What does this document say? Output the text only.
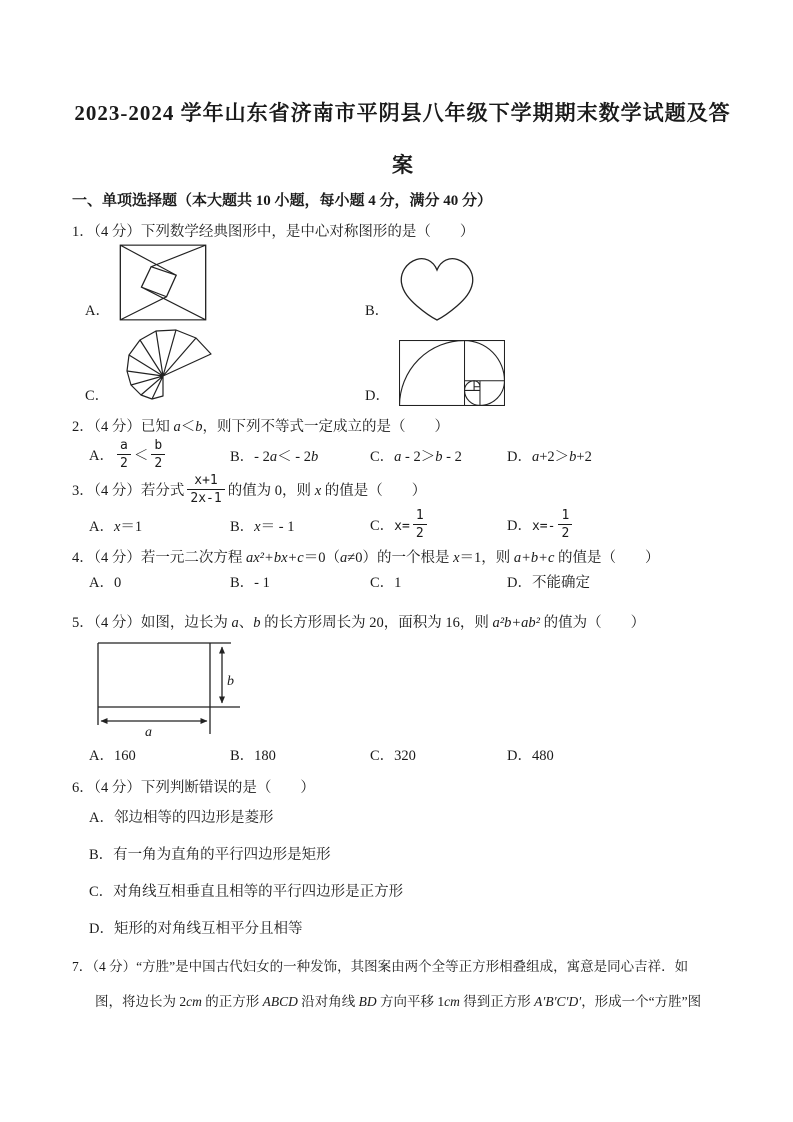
2023-2024 学年山东省济南市平阴县八年级下学期期末数学试题及答
案
一、单项选择题（本大题共 10 小题，每小题 4 分，满分 40 分）

1．（4 分）下列数学经典图形中，是中心对称图形的是（　　）

A．	B．
C．	D．

2．（4 分）已知 a＜b，则下列不等式一定成立的是（　　）

A． $\frac{a}{2} < \frac{b}{2}$	B．- 2a＜ - 2b	C．a - 2＞b - 2	D．a+2＞b+2

3．（4 分）若分式 $\frac{x+1}{2x-1}$ 的值为 0，则 x 的值是（　　）

A．x＝1	B．x＝ - 1	C．$x= \frac{1}{2}$	D．$x=- \frac{1}{2}$

4．（4 分）若一元二次方程 ax²+bx+c＝0（a≠0）的一个根是 x＝1，则 a+b+c 的值是（　　）

A．0	B．- 1	C．1	D．不能确定

5．（4 分）如图，边长为 a、b 的长方形周长为 20，面积为 16，则 a²b+ab² 的值为（　　）

b
a
A．160	B．180	C．320	D．480

6．（4 分）下列判断错误的是（　　）

A．邻边相等的四边形是菱形

B．有一角为直角的平行四边形是矩形

C．对角线互相垂直且相等的平行四边形是正方形

D．矩形的对角线互相平分且相等

7．（4 分）“方胜”是中国古代妇女的一种发饰，其图案由两个全等正方形相叠组成，寓意是同心吉祥．如

图，将边长为 2cm 的正方形 ABCD 沿对角线 BD 方向平移 1cm 得到正方形 A′B′C′D′，形成一个“方胜”图
